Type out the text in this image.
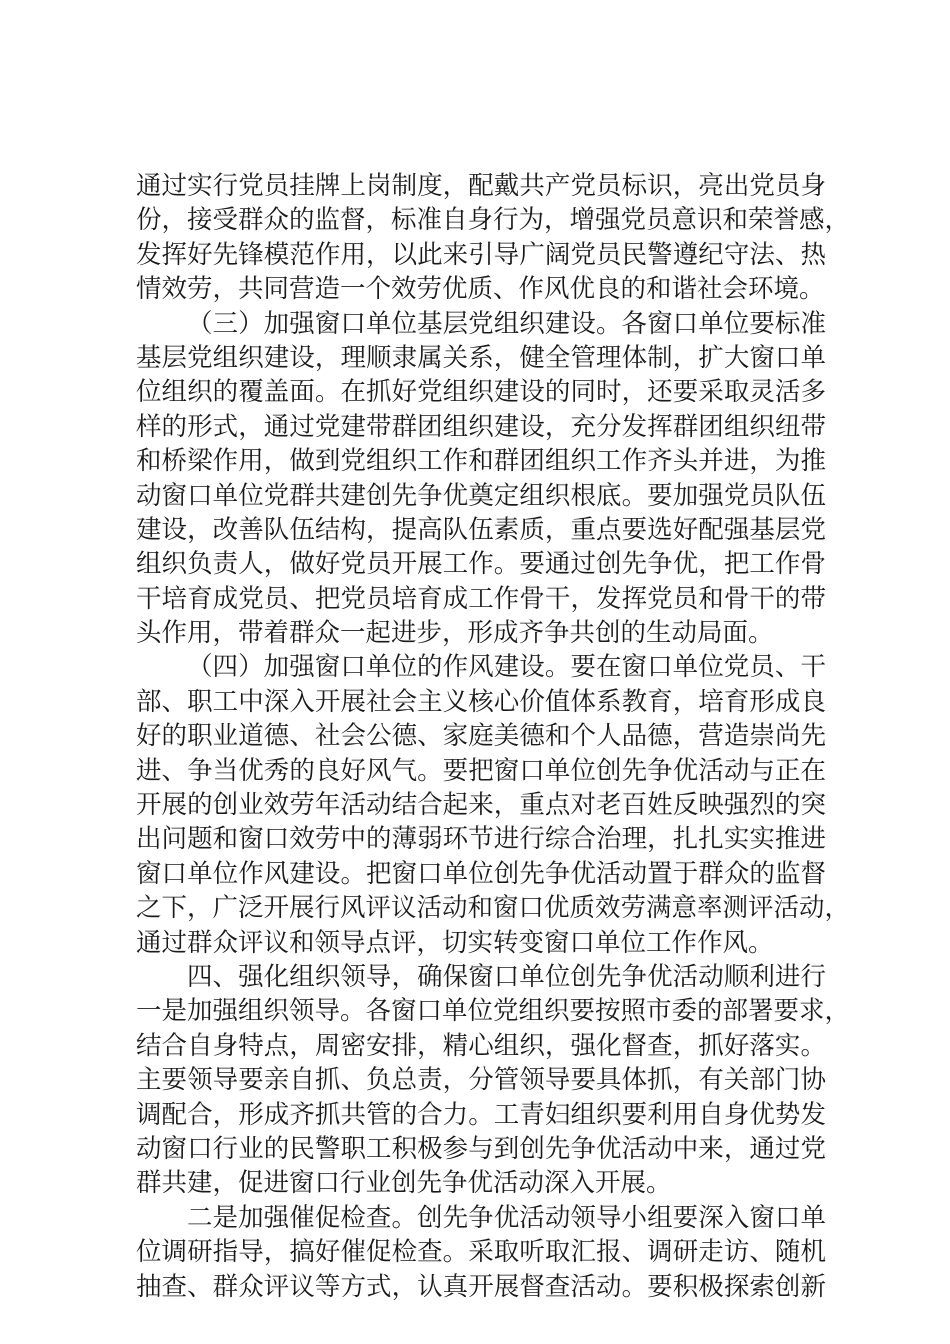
通过实行党员挂牌上岗制度，配戴共产党员标识，亮出党员身
份，接受群众的监督，标准自身行为，增强党员意识和荣誉感，
发挥好先锋模范作用，以此来引导广阔党员民警遵纪守法、热
情效劳，共同营造一个效劳优质、作风优良的和谐社会环境。
（三）加强窗口单位基层党组织建设。各窗口单位要标准
基层党组织建设，理顺隶属关系，健全管理体制，扩大窗口单
位组织的覆盖面。在抓好党组织建设的同时，还要采取灵活多
样的形式，通过党建带群团组织建设，充分发挥群团组织纽带
和桥梁作用，做到党组织工作和群团组织工作齐头并进，为推
动窗口单位党群共建创先争优奠定组织根底。要加强党员队伍
建设，改善队伍结构，提高队伍素质，重点要选好配强基层党
组织负责人，做好党员开展工作。要通过创先争优，把工作骨
干培育成党员、把党员培育成工作骨干，发挥党员和骨干的带
头作用，带着群众一起进步，形成齐争共创的生动局面。
（四）加强窗口单位的作风建设。要在窗口单位党员、干
部、职工中深入开展社会主义核心价值体系教育，培育形成良
好的职业道德、社会公德、家庭美德和个人品德，营造崇尚先
进、争当优秀的良好风气。要把窗口单位创先争优活动与正在
开展的创业效劳年活动结合起来，重点对老百姓反映强烈的突
出问题和窗口效劳中的薄弱环节进行综合治理，扎扎实实推进
窗口单位作风建设。把窗口单位创先争优活动置于群众的监督
之下，广泛开展行风评议活动和窗口优质效劳满意率测评活动，
通过群众评议和领导点评，切实转变窗口单位工作作风。
四、强化组织领导，确保窗口单位创先争优活动顺利进行
一是加强组织领导。各窗口单位党组织要按照市委的部署要求，
结合自身特点，周密安排，精心组织，强化督查，抓好落实。
主要领导要亲自抓、负总责，分管领导要具体抓，有关部门协
调配合，形成齐抓共管的合力。工青妇组织要利用自身优势发
动窗口行业的民警职工积极参与到创先争优活动中来，通过党
群共建，促进窗口行业创先争优活动深入开展。
二是加强催促检查。创先争优活动领导小组要深入窗口单
位调研指导，搞好催促检查。采取听取汇报、调研走访、随机
抽查、群众评议等方式，认真开展督查活动。要积极探索创新
